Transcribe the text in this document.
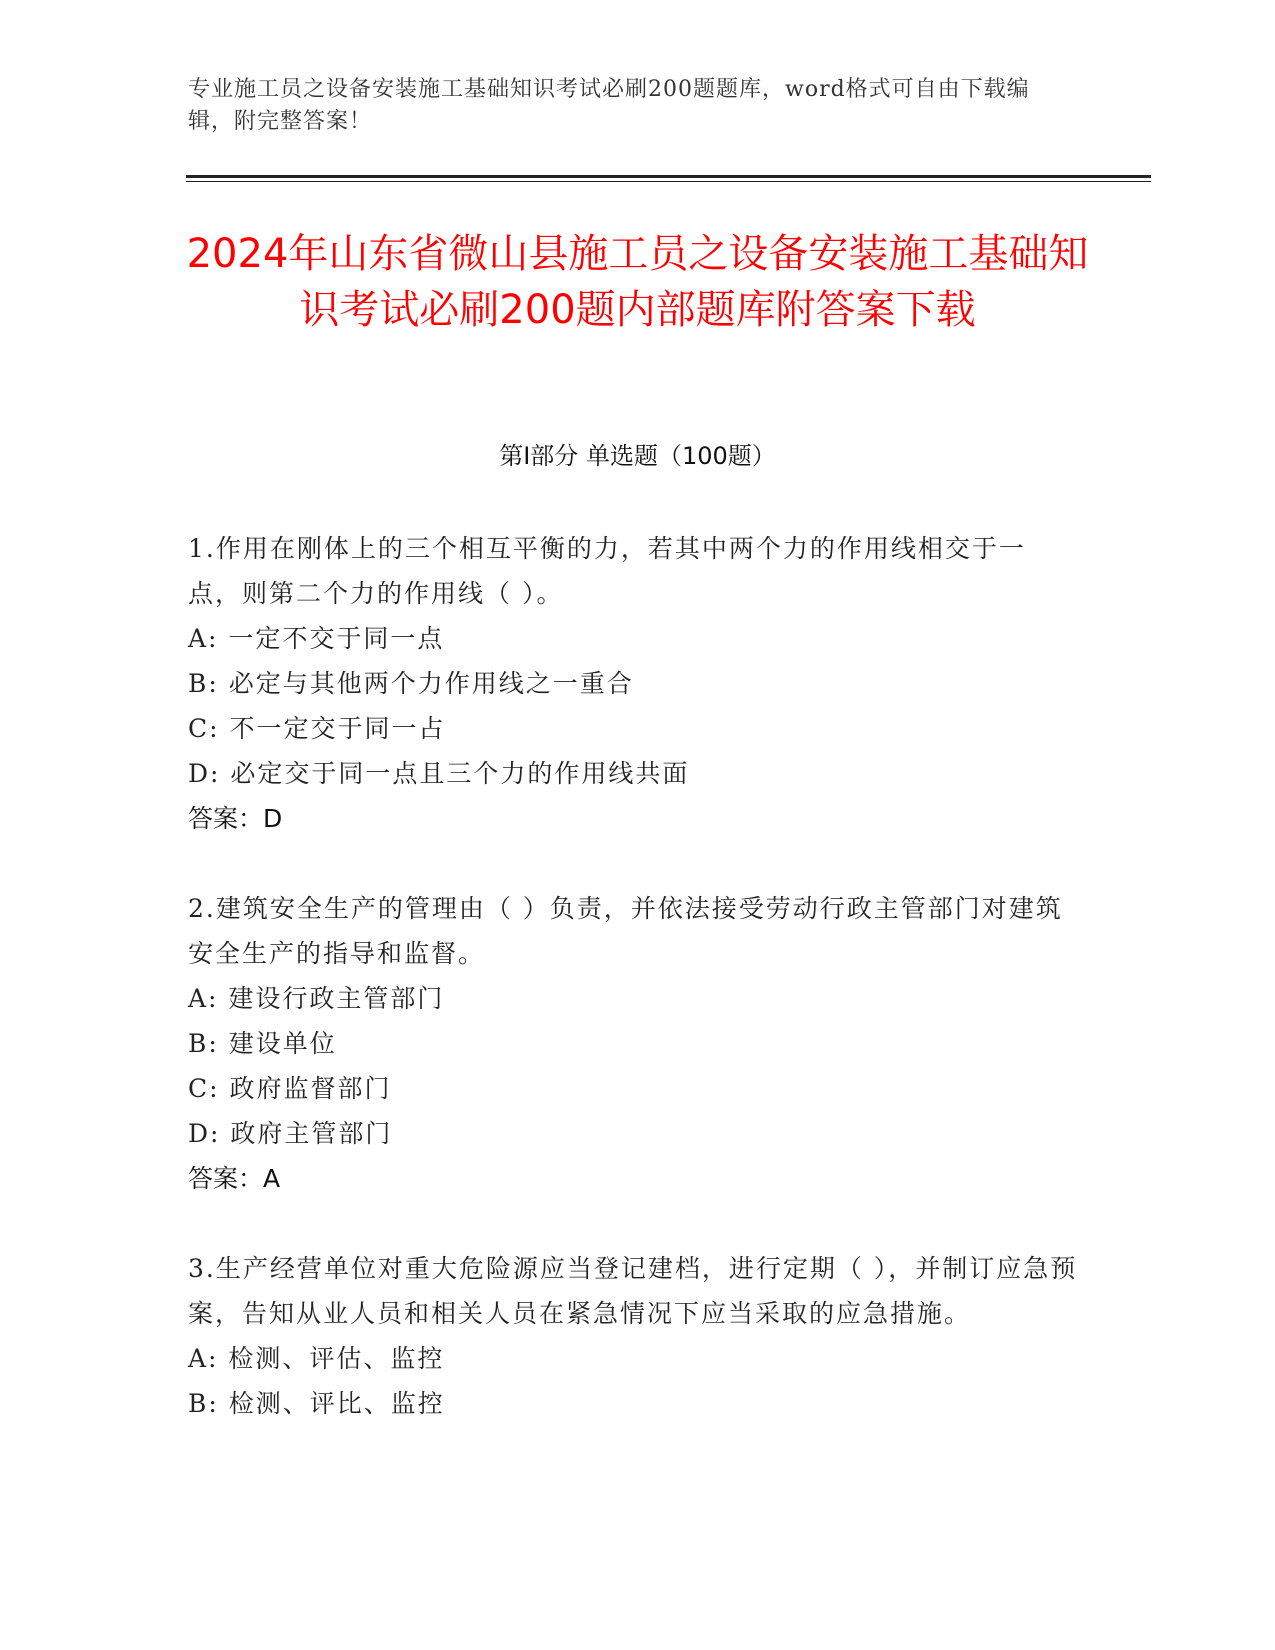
专业施工员之设备安装施工基础知识考试必刷200题题库，word格式可自由下载编辑，附完整答案！
2024年山东省微山县施工员之设备安装施工基础知识考试必刷200题内部题库附答案下载
第I部分 单选题（100题）

1.作用在刚体上的三个相互平衡的力，若其中两个力的作用线相交于一点，则第二个力的作用线（ ）。

A: 一定不交于同一点
B: 必定与其他两个力作用线之一重合
C: 不一定交于同一占
D: 必定交于同一点且三个力的作用线共面
答案：D

2.建筑安全生产的管理由（ ）负责，并依法接受劳动行政主管部门对建筑安全生产的指导和监督。

A: 建设行政主管部门
B: 建设单位
C: 政府监督部门
D: 政府主管部门
答案：A

3.生产经营单位对重大危险源应当登记建档，进行定期（ ），并制订应急预案，告知从业人员和相关人员在紧急情况下应当采取的应急措施。

A: 检测、评估、监控
B: 检测、评比、监控
